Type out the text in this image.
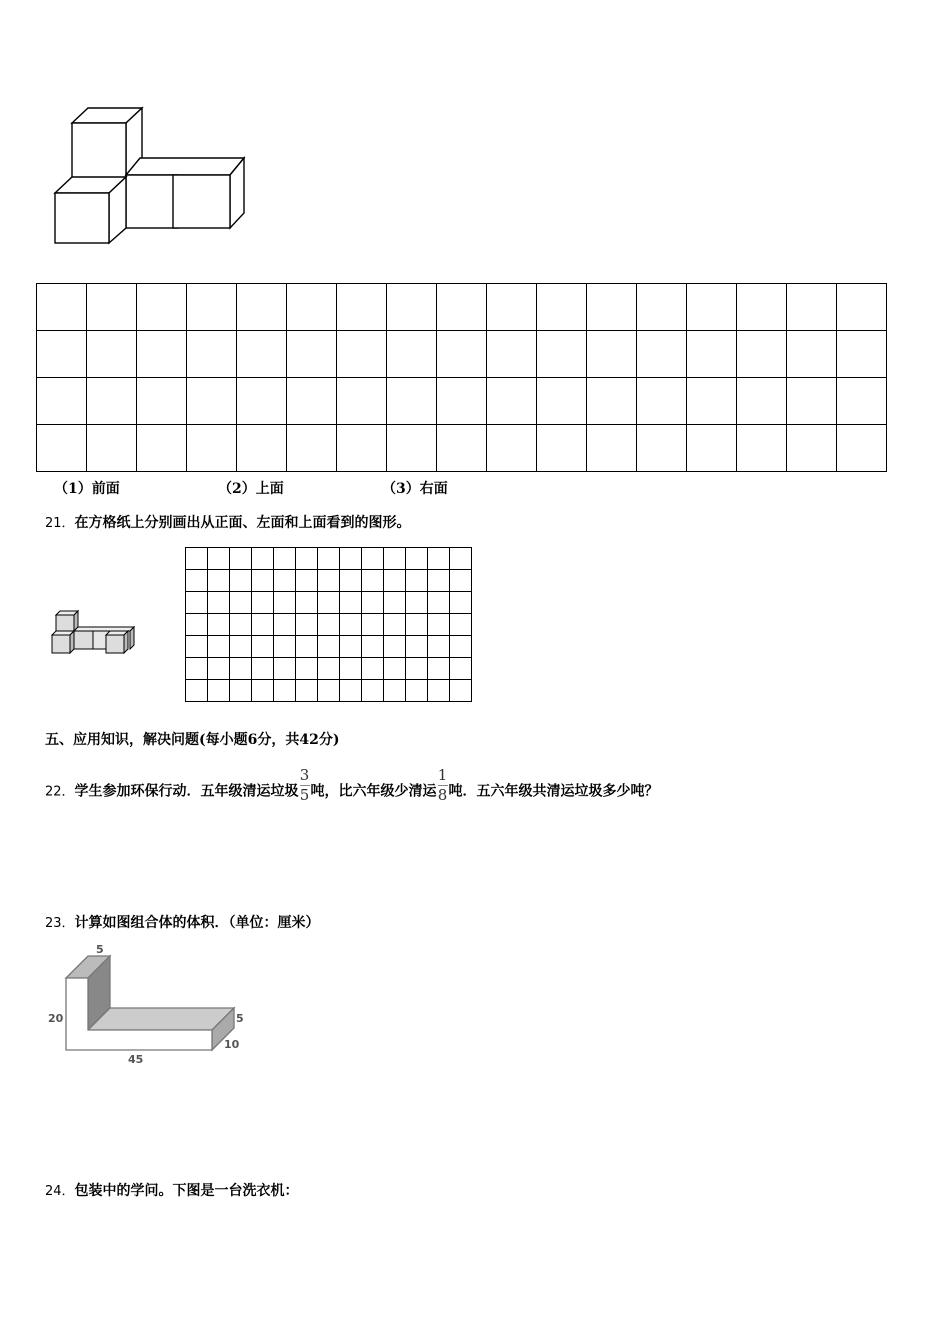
（1）前面	（2）上面	（3）右面
21．在方格纸上分别画出从正面、左面和上面看到的图形。

五、应用知识，解决问题(每小题6分，共42分)
22．学生参加环保行动．五年级清运垃圾 $\frac{3}{5}$ 吨，比六年级少清运 $\frac{1}{8}$ 吨．五六年级共清运垃圾多少吨？
23．计算如图组合体的体积．（单位：厘米）
5
20
45
5
10
24．包装中的学问。下图是一台洗衣机：
